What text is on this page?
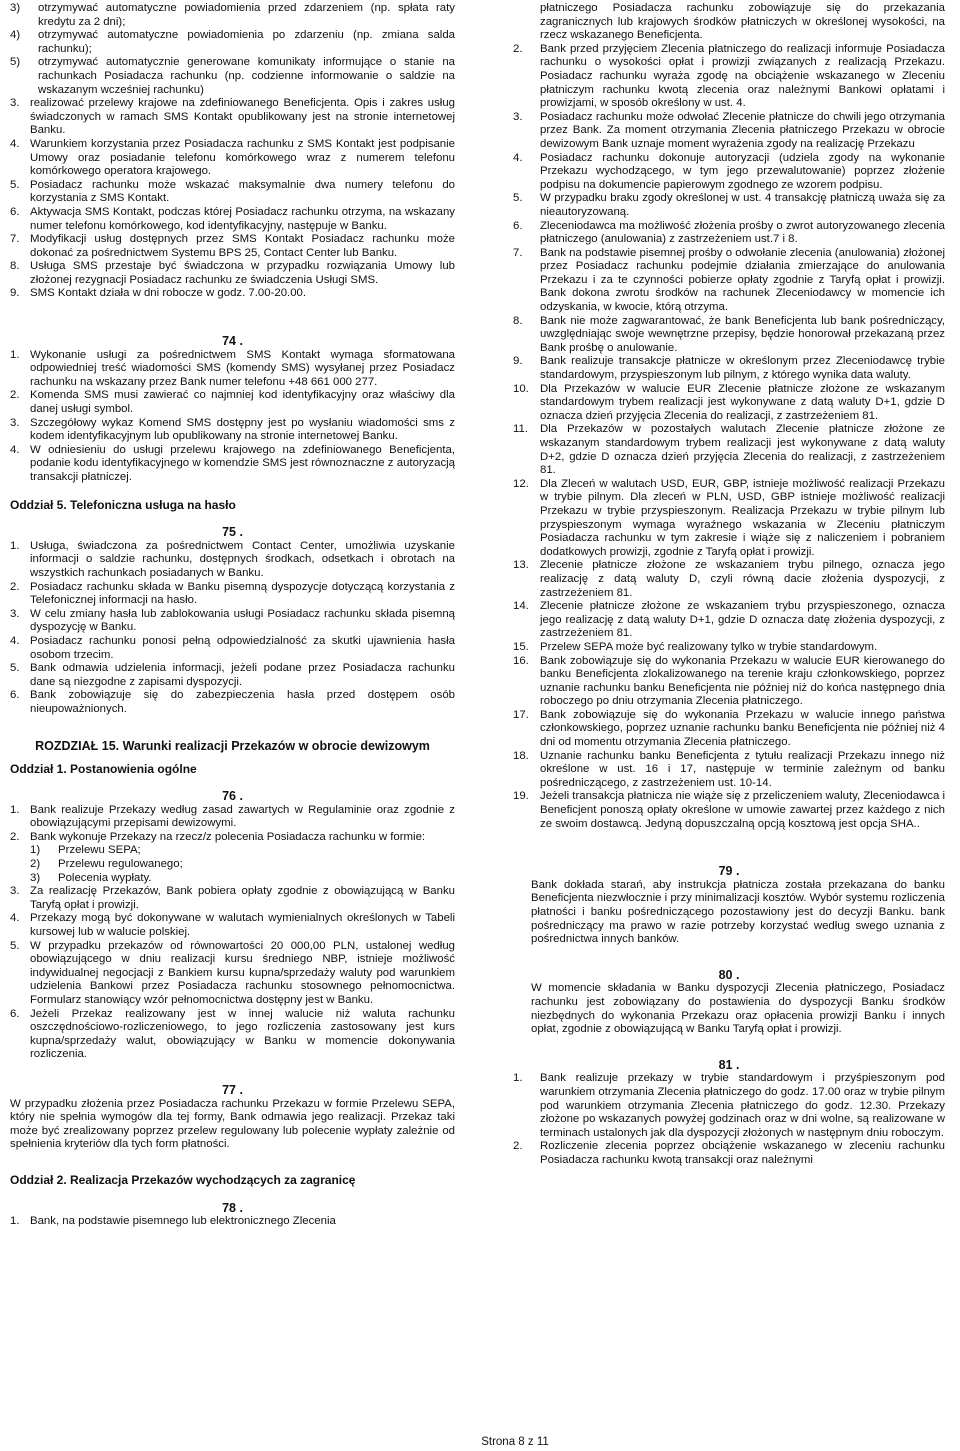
3) otrzymywać automatyczne powiadomienia przed zdarzeniem (np. spłata raty kredytu za 2 dni);
4) otrzymywać automatyczne powiadomienia po zdarzeniu (np. zmiana salda rachunku);
5) otrzymywać automatycznie generowane komunikaty informujące o stanie na rachunkach Posiadacza rachunku (np. codzienne informowanie o saldzie na wskazanym wcześniej rachunku)
3. realizować przelewy krajowe na zdefiniowanego Beneficjenta. Opis i zakres usług świadczonych w ramach SMS Kontakt opublikowany jest na stronie internetowej Banku.
4. Warunkiem korzystania przez Posiadacza rachunku z SMS Kontakt jest podpisanie Umowy oraz posiadanie telefonu komórkowego wraz z numerem telefonu komórkowego operatora krajowego.
5. Posiadacz rachunku może wskazać maksymalnie dwa numery telefonu do korzystania z SMS Kontakt.
6. Aktywacja SMS Kontakt, podczas której Posiadacz rachunku otrzyma, na wskazany numer telefonu komórkowego, kod identyfikacyjny, następuje w Banku.
7. Modyfikacji usług dostępnych przez SMS Kontakt Posiadacz rachunku może dokonać za pośrednictwem Systemu BPS 25, Contact Center lub Banku.
8. Usługa SMS przestaje być świadczona w przypadku rozwiązania Umowy lub złożonej rezygnacji Posiadacz rachunku ze świadczenia Usługi SMS.
9. SMS Kontakt działa w dni robocze w godz. 7.00-20.00.

74 .

1. Wykonanie usługi za pośrednictwem SMS Kontakt wymaga sformatowana odpowiedniej treść wiadomości SMS (komendy SMS) wysyłanej przez Posiadacz rachunku na wskazany przez Bank numer telefonu +48 661 000 277.
2. Komenda SMS musi zawierać co najmniej kod identyfikacyjny oraz właściwy dla danej usługi symbol.
3. Szczegółowy wykaz Komend SMS dostępny jest po wysłaniu wiadomości sms z kodem identyfikacyjnym lub opublikowany na stronie internetowej Banku.
4. W odniesieniu do usługi przelewu krajowego na zdefiniowanego Beneficjenta, podanie kodu identyfikacyjnego w komendzie SMS jest równoznaczne z autoryzacją transakcji płatniczej.

Oddział 5. Telefoniczna usługa na hasło

75 .

1. Usługa, świadczona za pośrednictwem Contact Center, umożliwia uzyskanie informacji o saldzie rachunku, dostępnych środkach, odsetkach i obrotach na wszystkich rachunkach posiadanych w Banku.
2. Posiadacz rachunku składa w Banku pisemną dyspozycje dotyczącą korzystania z Telefonicznej informacji na hasło.
3. W celu zmiany hasła lub zablokowania usługi Posiadacz rachunku składa pisemną dyspozycję w Banku.
4. Posiadacz rachunku ponosi pełną odpowiedzialność za skutki ujawnienia hasła osobom trzecim.
5. Bank odmawia udzielenia informacji, jeżeli podane przez Posiadacza rachunku dane są niezgodne z zapisami dyspozycji.
6. Bank zobowiązuje się do zabezpieczenia hasła przed dostępem osób nieupoważnionych.

ROZDZIAŁ 15. Warunki realizacji Przekazów w obrocie dewizowym

Oddział 1. Postanowienia ogólne

76 .

1. Bank realizuje Przekazy według zasad zawartych w Regulaminie oraz zgodnie z obowiązującymi przepisami dewizowymi.
2. Bank wykonuje Przekazy na rzecz/z polecenia Posiadacza rachunku w formie:
1) Przelewu SEPA;
2) Przelewu regulowanego;
3) Polecenia wypłaty.
3. Za realizację Przekazów, Bank pobiera opłaty zgodnie z obowiązującą w Banku Taryfą opłat i prowizji.
4. Przekazy mogą być dokonywane w walutach wymienialnych określonych w Tabeli kursowej lub w walucie polskiej.
5. W przypadku przekazów od równowartości 20 000,00 PLN, ustalonej według obowiązującego w dniu realizacji kursu średniego NBP, istnieje możliwość indywidualnej negocjacji z Bankiem kursu kupna/sprzedaży waluty pod warunkiem udzielenia Bankowi przez Posiadacza rachunku stosownego pełnomocnictwa. Formularz stanowiący wzór pełnomocnictwa dostępny jest w Banku.
6. Jeżeli Przekaz realizowany jest w innej walucie niż waluta rachunku oszczędnościowo-rozliczeniowego, to jego rozliczenia zastosowany jest kurs kupna/sprzedaży walut, obowiązujący w Banku w momencie dokonywania rozliczenia.

77 .

W przypadku złożenia przez Posiadacza rachunku Przekazu w formie Przelewu SEPA, który nie spełnia wymogów dla tej formy, Bank odmawia jego realizacji. Przekaz taki może być zrealizowany poprzez przelew regulowany lub polecenie wypłaty zależnie od spełnienia kryteriów dla tych form płatności.

Oddział 2. Realizacja Przekazów wychodzących za zagranicę

78 .

1. Bank, na podstawie pisemnego lub elektronicznego Zlecenia

płatniczego Posiadacza rachunku zobowiązuje się do przekazania zagranicznych lub krajowych środków płatniczych w określonej wysokości, na rzecz wskazanego Beneficjenta.

2. Bank przed przyjęciem Zlecenia płatniczego do realizacji informuje Posiadacza rachunku o wysokości opłat i prowizji związanych z realizacją Przekazu. Posiadacz rachunku wyraża zgodę na obciążenie wskazanego w Zleceniu płatniczym rachunku kwotą zlecenia oraz należnymi Bankowi opłatami i prowizjami, w sposób określony w ust. 4.
3. Posiadacz rachunku może odwołać Zlecenie płatnicze do chwili jego otrzymania przez Bank. Za moment otrzymania Zlecenia płatniczego Przekazu w obrocie dewizowym Bank uznaje moment wyrażenia zgody na realizację Przekazu
4. Posiadacz rachunku dokonuje autoryzacji (udziela zgody na wykonanie Przekazu wychodzącego, w tym jego przewalutowanie) poprzez złożenie podpisu na dokumencie papierowym zgodnego ze wzorem podpisu.
5. W przypadku braku zgody określonej w ust. 4 transakcję płatniczą uważa się za nieautoryzowaną.
6. Zleceniodawca ma możliwość złożenia prośby o zwrot autoryzowanego zlecenia płatniczego (anulowania) z zastrzeżeniem ust.7 i 8.
7. Bank na podstawie pisemnej prośby o odwołanie zlecenia (anulowania) złożonej przez Posiadacz rachunku podejmie działania zmierzające do anulowania Przekazu i za te czynności pobierze opłaty zgodnie z Taryfą opłat i prowizji. Bank dokona zwrotu środków na rachunek Zleceniodawcy w momencie ich odzyskania, w kwocie, którą otrzyma.
8. Bank nie może zagwarantować, że bank Beneficjenta lub bank pośredniczący, uwzględniając swoje wewnętrzne przepisy, będzie honorował przekazaną przez Bank prośbę o anulowanie.
9. Bank realizuje transakcje płatnicze w określonym przez Zleceniodawcę trybie standardowym, przyspieszonym lub pilnym, z którego wynika data waluty.
10. Dla Przekazów w walucie EUR Zlecenie płatnicze złożone ze wskazanym standardowym trybem realizacji jest wykonywane z datą waluty D+1, gdzie D oznacza dzień przyjęcia Zlecenia do realizacji, z zastrzeżeniem 81.
11. Dla Przekazów w pozostałych walutach Zlecenie płatnicze złożone ze wskazanym standardowym trybem realizacji jest wykonywane z datą waluty D+2, gdzie D oznacza dzień przyjęcia Zlecenia do realizacji, z zastrzeżeniem 81.
12. Dla Zleceń w walutach USD, EUR, GBP, istnieje możliwość realizacji Przekazu w trybie pilnym. Dla zleceń w PLN, USD, GBP istnieje możliwość realizacji Przekazu w trybie przyspieszonym. Realizacja Przekazu w trybie pilnym lub przyspieszonym wymaga wyraźnego wskazania w Zleceniu płatniczym Posiadacza rachunku w tym zakresie i wiąże się z naliczeniem i pobraniem dodatkowych prowizji, zgodnie z Taryfą opłat i prowizji.
13. Zlecenie płatnicze złożone ze wskazaniem trybu pilnego, oznacza jego realizację z datą waluty D, czyli równą dacie złożenia dyspozycji, z zastrzeżeniem 81.
14. Zlecenie płatnicze złożone ze wskazaniem trybu przyspieszonego, oznacza jego realizację z datą waluty D+1, gdzie D oznacza datę złożenia dyspozycji, z zastrzeżeniem 81.
15. Przelew SEPA może być realizowany tylko w trybie standardowym.
16. Bank zobowiązuje się do wykonania Przekazu w walucie EUR kierowanego do banku Beneficjenta zlokalizowanego na terenie kraju członkowskiego, poprzez uznanie rachunku banku Beneficjenta nie później niż do końca następnego dnia roboczego po dniu otrzymania Zlecenia płatniczego.
17. Bank zobowiązuje się do wykonania Przekazu w walucie innego państwa członkowskiego, poprzez uznanie rachunku banku Beneficjenta nie później niż 4 dni od momentu otrzymania Zlecenia płatniczego.
18. Uznanie rachunku banku Beneficjenta z tytułu realizacji Przekazu innego niż określone w ust. 16 i 17, następuje w terminie zależnym od banku pośredniczącego, z zastrzeżeniem ust. 10-14.
19. Jeżeli transakcja płatnicza nie wiąże się z przeliczeniem waluty, Zleceniodawca i Beneficjent ponoszą opłaty określone w umowie zawartej przez każdego z nich ze swoim dostawcą. Jedyną dopuszczalną opcją kosztową jest opcja SHA..

79 .

Bank dokłada starań, aby instrukcja płatnicza została przekazana do banku Beneficjenta niezwłocznie i przy minimalizacji kosztów. Wybór systemu rozliczenia płatności i banku pośredniczącego pozostawiony jest do decyzji Banku. bank pośredniczący ma prawo w razie potrzeby korzystać według swego uznania z pośrednictwa innych banków.

80 .

W momencie składania w Banku dyspozycji Zlecenia płatniczego, Posiadacz rachunku jest zobowiązany do postawienia do dyspozycji Banku środków niezbędnych do wykonania Przekazu oraz opłacenia prowizji Banku i innych opłat, zgodnie z obowiązującą w Banku Taryfą opłat i prowizji.

81 .

1. Bank realizuje przekazy w trybie standardowym i przyśpieszonym pod warunkiem otrzymania Zlecenia płatniczego do godz. 17.00 oraz w trybie pilnym pod warunkiem otrzymania Zlecenia płatniczego do godz. 12.30. Przekazy złożone po wskazanych powyżej godzinach oraz w dni wolne, są realizowane w terminach ustalonych jak dla dyspozycji złożonych w następnym dniu roboczym.
2. Rozliczenie zlecenia poprzez obciążenie wskazanego w zleceniu rachunku Posiadacza rachunku kwotą transakcji oraz należnymi
Strona 8 z 11
